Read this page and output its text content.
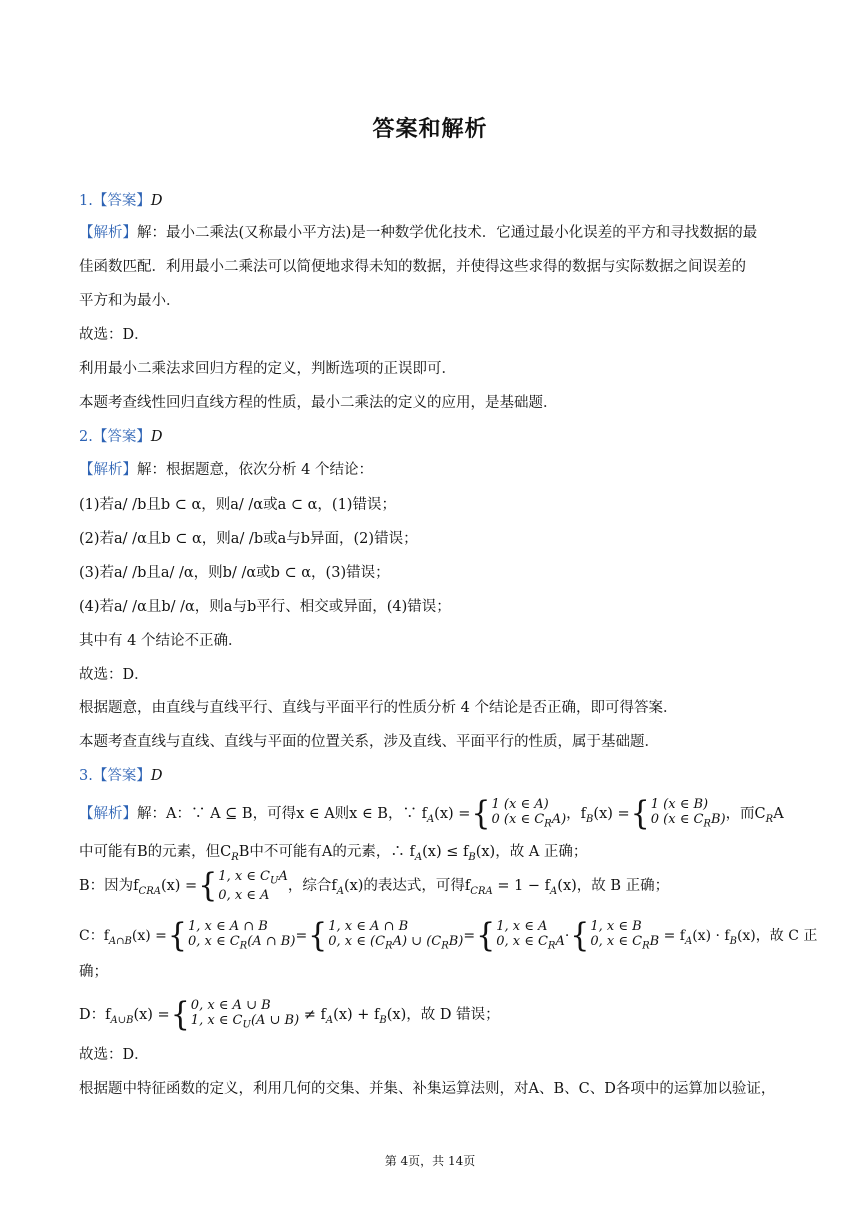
答案和解析
1.【答案】D
【解析】解：最小二乘法(又称最小平方法)是一种数学优化技术．它通过最小化误差的平方和寻找数据的最
佳函数匹配．利用最小二乘法可以简便地求得未知的数据，并使得这些求得的数据与实际数据之间误差的
平方和为最小．
故选：D．
利用最小二乘法求回归方程的定义，判断选项的正误即可．
本题考查线性回归直线方程的性质，最小二乘法的定义的应用，是基础题．
2.【答案】D
【解析】解：根据题意，依次分析 4 个结论：
(1)若a/ /b且b ⊂ α，则a/ /α或a ⊂ α，(1)错误；
(2)若a/ /α且b ⊂ α，则a/ /b或a与b异面，(2)错误；
(3)若a/ /b且a/ /α，则b/ /α或b ⊂ α，(3)错误；
(4)若a/ /α且b/ /α，则a与b平行、相交或异面，(4)错误；
其中有 4 个结论不正确．
故选：D．
根据题意，由直线与直线平行、直线与平面平行的性质分析 4 个结论是否正确，即可得答案．
本题考查直线与直线、直线与平面的位置关系，涉及直线、平面平行的性质，属于基础题．
3.【答案】D
【解析】解：A：∵ A ⊆ B，可得x ∈ A则x ∈ B，∵ $f_A(x)$ ={ 1 (x ∈ A)
0 (x ∈ $C_RA$) ，$f_B(x)$ ={ 1 (x ∈ B)
0 (x ∈ $C_RB$) ，而$C_RA$
中可能有B的元素，但$C_RB$中不可能有A的元素，∴ $f_A(x) \le f_B(x)$，故 A 正确；
B：因为$f_{CRA}(x)$ ={ 1, x ∈ $C_UA$
0, x ∈ A
，综合$f_A(x)$的表达式，可得$f_{CRA} = 1 - f_A(x)$，故 B 正确；
C：$f_{A\cap B}(x)$ ={ 1, x ∈ A ∩ B
0, x ∈ $C_R(A$ ∩ B) ={ 1, x ∈ A ∩ B
0, x ∈ $(C_RA)$ ∪ $(C_RB)$ ={ 1, x ∈ A
0, x ∈ $C_RA$ ·{ 1, x ∈ B
0, x ∈ $C_RB = f_A(x) \cdot f_B(x)$，故 C 正
确；
D：$f_{A\cup B}(x)$ ={ 0, x ∈ A ∪ B
1, x ∈ $C_U(A$ ∪ $B) \ne f_A(x) + f_B(x)$，故 D 错误；
故选：D．
根据题中特征函数的定义，利用几何的交集、并集、补集运算法则，对A、B、C、D各项中的运算加以验证，
第 4页，共 14页
